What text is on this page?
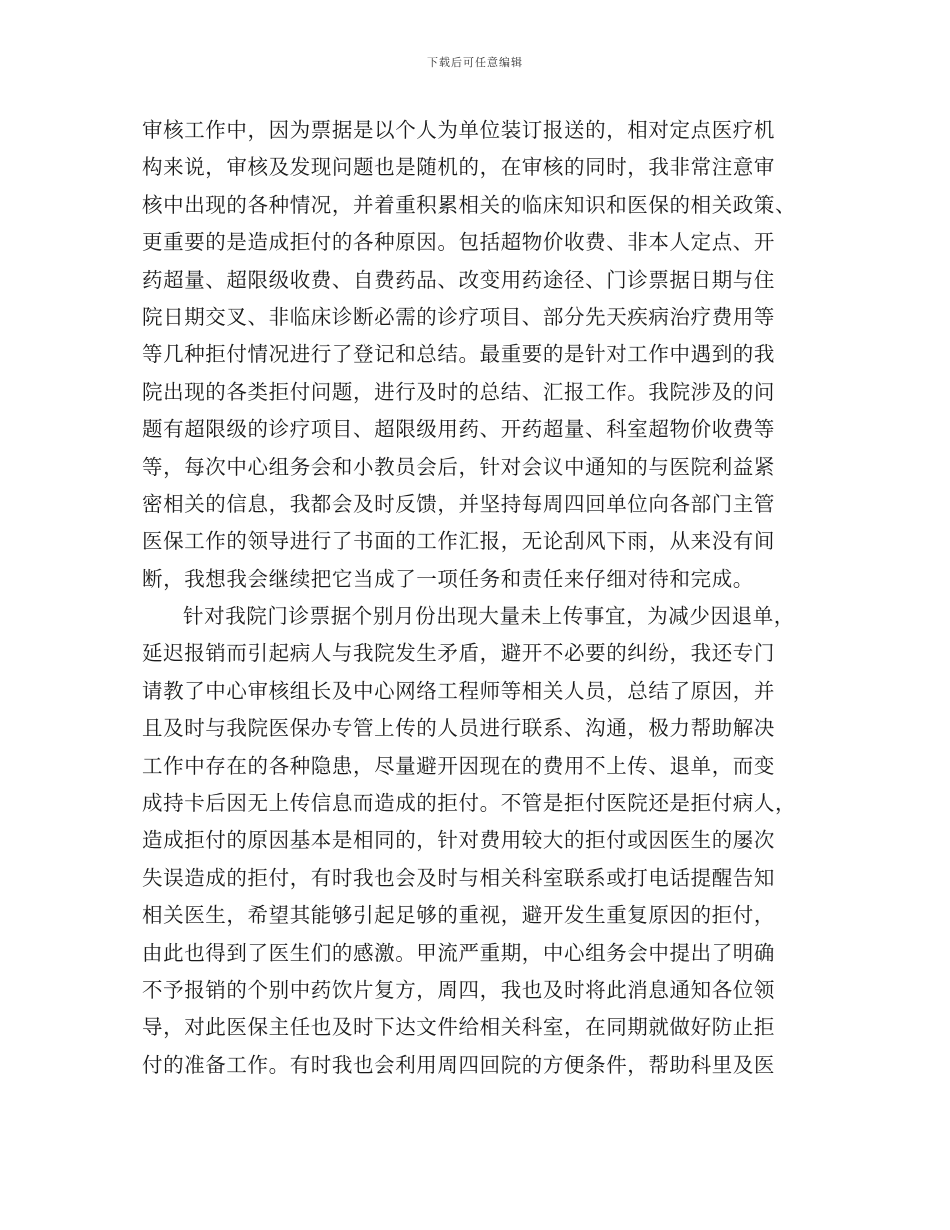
下载后可任意编辑
审核工作中，因为票据是以个人为单位装订报送的，相对定点医疗机
构来说，审核及发现问题也是随机的，在审核的同时，我非常注意审
核中出现的各种情况，并着重积累相关的临床知识和医保的相关政策、
更重要的是造成拒付的各种原因。包括超物价收费、非本人定点、开
药超量、超限级收费、自费药品、改变用药途径、门诊票据日期与住
院日期交叉、非临床诊断必需的诊疗项目、部分先天疾病治疗费用等
等几种拒付情况进行了登记和总结。最重要的是针对工作中遇到的我
院出现的各类拒付问题，进行及时的总结、汇报工作。我院涉及的问
题有超限级的诊疗项目、超限级用药、开药超量、科室超物价收费等
等，每次中心组务会和小教员会后，针对会议中通知的与医院利益紧
密相关的信息，我都会及时反馈，并坚持每周四回单位向各部门主管
医保工作的领导进行了书面的工作汇报，无论刮风下雨，从来没有间
断，我想我会继续把它当成了一项任务和责任来仔细对待和完成。
针对我院门诊票据个别月份出现大量未上传事宜，为减少因退单，
延迟报销而引起病人与我院发生矛盾，避开不必要的纠纷，我还专门
请教了中心审核组长及中心网络工程师等相关人员，总结了原因，并
且及时与我院医保办专管上传的人员进行联系、沟通，极力帮助解决
工作中存在的各种隐患，尽量避开因现在的费用不上传、退单，而变
成持卡后因无上传信息而造成的拒付。不管是拒付医院还是拒付病人，
造成拒付的原因基本是相同的，针对费用较大的拒付或因医生的屡次
失误造成的拒付，有时我也会及时与相关科室联系或打电话提醒告知
相关医生，希望其能够引起足够的重视，避开发生重复原因的拒付，
由此也得到了医生们的感激。甲流严重期，中心组务会中提出了明确
不予报销的个别中药饮片复方，周四，我也及时将此消息通知各位领
导，对此医保主任也及时下达文件给相关科室，在同期就做好防止拒
付的准备工作。有时我也会利用周四回院的方便条件，帮助科里及医
